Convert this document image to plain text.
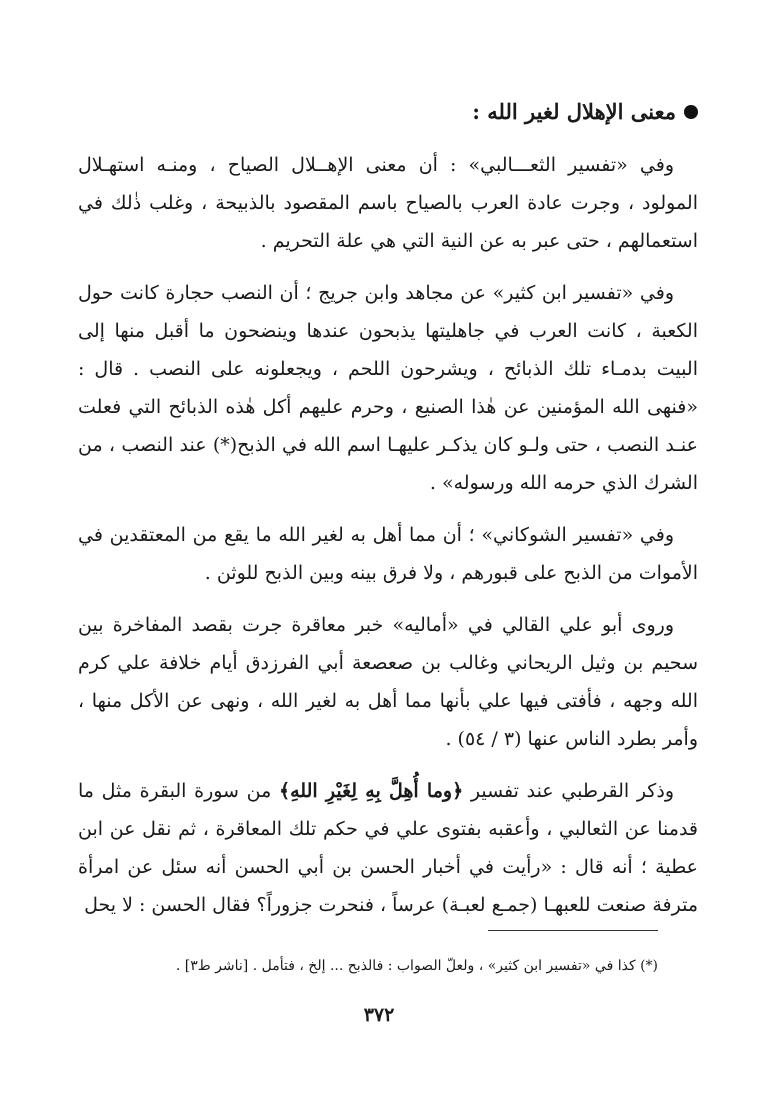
معنى الإهلال لغير الله :

وفي «تفسير الثعـــالبي» : أن معنى الإهــلال الصياح ، ومنـه استهـلال المولود ، وجرت عادة العرب بالصياح باسم المقصود بالذبيحة ، وغلب ذٰلك في استعمالهم ، حتى عبر به عن النية التي هي علة التحريم .

وفي «تفسير ابن كثير» عن مجاهد وابن جريج ؛ أن النصب حجارة كانت حول الكعبة ، كانت العرب في جاهليتها يذبحون عندها وينضحون ما أقبل منها إلى البيت بدمـاء تلك الذبائح ، ويشرحون اللحم ، ويجعلونه على النصب . قال : «فنهى الله المؤمنين عن هٰذا الصنيع ، وحرم عليهم أكل هٰذه الذبائح التي فعلت عنـد النصب ، حتى ولـو كان يذكـر عليهـا اسم الله في الذبح(*) عند النصب ، من الشرك الذي حرمه الله ورسوله» .

وفي «تفسير الشوكاني» ؛ أن مما أهل به لغير الله ما يقع من المعتقدين في الأموات من الذبح على قبورهم ، ولا فرق بينه وبين الذبح للوثن .

وروى أبو علي القالي في «أماليه» خبر معاقرة جرت بقصد المفاخرة بين سحيم بن وثيل الريحاني وغالب بن صعصعة أبي الفرزدق أيام خلافة علي كرم الله وجهه ، فأفتى فيها علي بأنها مما أهل به لغير الله ، ونهى عن الأكل منها ، وأمر بطرد الناس عنها (٣ / ٥٤) .

وذكر القرطبي عند تفسير ﴿وما أُهِلَّ بِهِ لِغَيْرِ اللهِ﴾ من سورة البقرة مثل ما قدمنا عن الثعالبي ، وأعقبه بفتوى علي في حكم تلك المعاقرة ، ثم نقل عن ابن عطية ؛ أنه قال : «رأيت في أخبار الحسن بن أبي الحسن أنه سئل عن امرأة مترفة صنعت للعبهـا (جمـع لعبـة) عرساً ، فنحرت جزوراً؟ فقال الحسن : لا يحل

(*) كذا في «تفسير ابن كثير» ، ولعلّ الصواب : فالذبح ... إلخ ، فتأمل . [ناشر ط٣] .
٣٧٢
